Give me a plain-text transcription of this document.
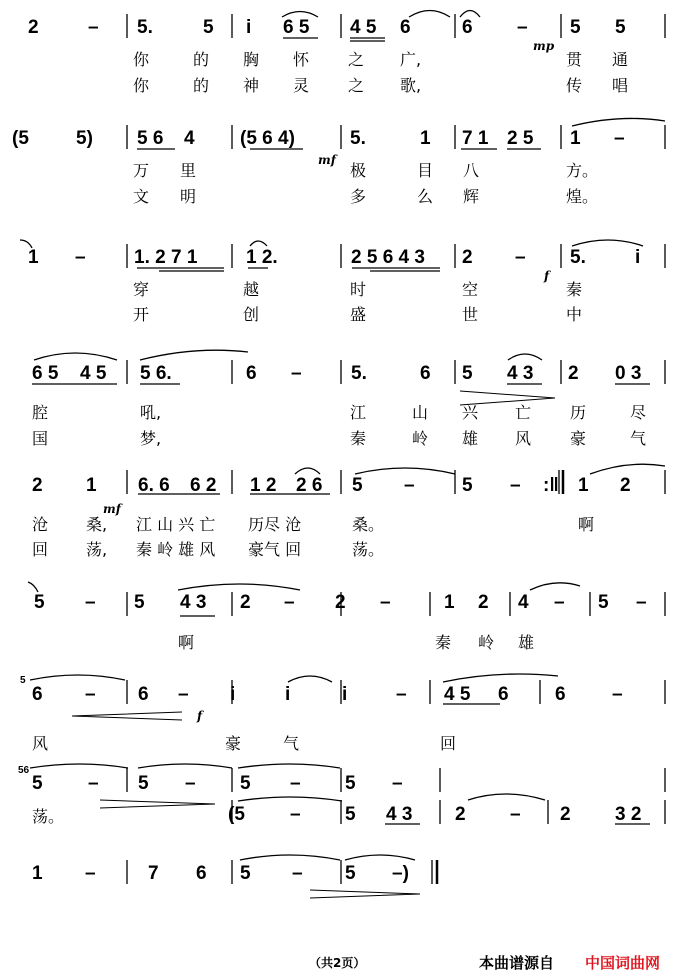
2	– 5.	5 i 6 5 4 5 6	6 – 5 5
mp
你	的 胸 怀 之 广,	贯 通
你	的 神 灵 之 歌,	传 唱
(5 5) 5 6 4 (5 6 4)	5.	1 7 1 2 5 1 –
mf
万 里	极	目 八	方。
文 明	多	么 辉	煌。
1 –	1. 2 7 1	1 2.	2 5 6 4 3 2 – 5.	i
f
穿	越	时	空	秦
开	创	盛	世	中
6 5 4 5 5 6.	6 –	5.	6 5 4 3 2 0 3
腔	吼,	江	山 兴 亡 历	尽
国	梦,	秦	岭 雄 风 豪	气
2 1 6. 6 6 2 1 2 2 6 5 – 5 – :‖ 1 2
mf
沧 桑, 江 山 兴 亡 历尽 沧	桑。	啊
回 荡, 秦 岭 雄 风 豪气 回	荡。
5 – 5 4 3 2 – 2 –	1 2 4 – 5 –
啊	秦 岭 雄
5
6 – 6 – i	i	i	– 4 5 6 6 –
f
风	豪	气	回
56
5 – 5 – 5 – 5 –
(5 – 5 4 3 2 – 2 3 2
荡。
1 –	7 6 5 – 5 –)
（共2页）	本曲谱源自 中国词曲网
